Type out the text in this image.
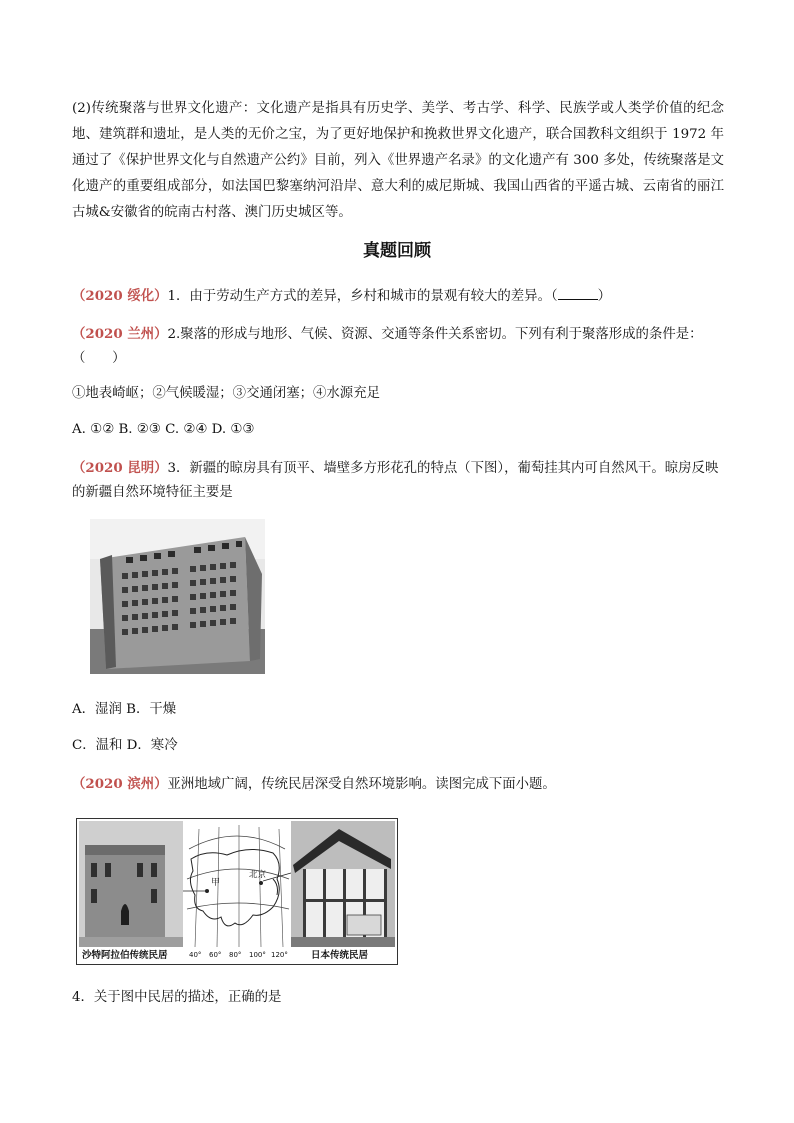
(2)传统聚落与世界文化遗产：文化遗产是指具有历史学、美学、考古学、科学、民族学或人类学价值的纪念地、建筑群和遗址，是人类的无价之宝，为了更好地保护和挽救世界文化遗产，联合国教科文组织于 1972 年通过了《保护世界文化与自然遗产公约》目前，列入《世界遗产名录》的文化遗产有 300 多处，传统聚落是文化遗产的重要组成部分，如法国巴黎塞纳河沿岸、意大利的威尼斯城、我国山西省的平遥古城、云南省的丽江古城&安徽省的皖南古村落、澳门历史城区等。

真题回顾

（2020 绥化）1．由于劳动生产方式的差异，乡村和城市的景观有较大的差异。（	）

（2020 兰州）2.聚落的形成与地形、气候、资源、交通等条件关系密切。下列有利于聚落形成的条件是：（　　）

①地表崎岖；②气候暖湿；③交通闭塞；④水源充足

A. ①② B. ②③ C. ②④ D. ①③

（2020 昆明）3．新疆的晾房具有顶平、墙壁多方形花孔的特点（下图），葡萄挂其内可自然风干。晾房反映的新疆自然环境特征主要是

A．湿润 B．干燥

C．温和 D．寒冷

（2020 滨州）亚洲地域广阔，传统民居深受自然环境影响。读图完成下面小题。

沙特阿拉伯传统民居
甲
北京
40° 60° 80° 100° 120° 日本传统民居

4．关于图中民居的描述，正确的是
